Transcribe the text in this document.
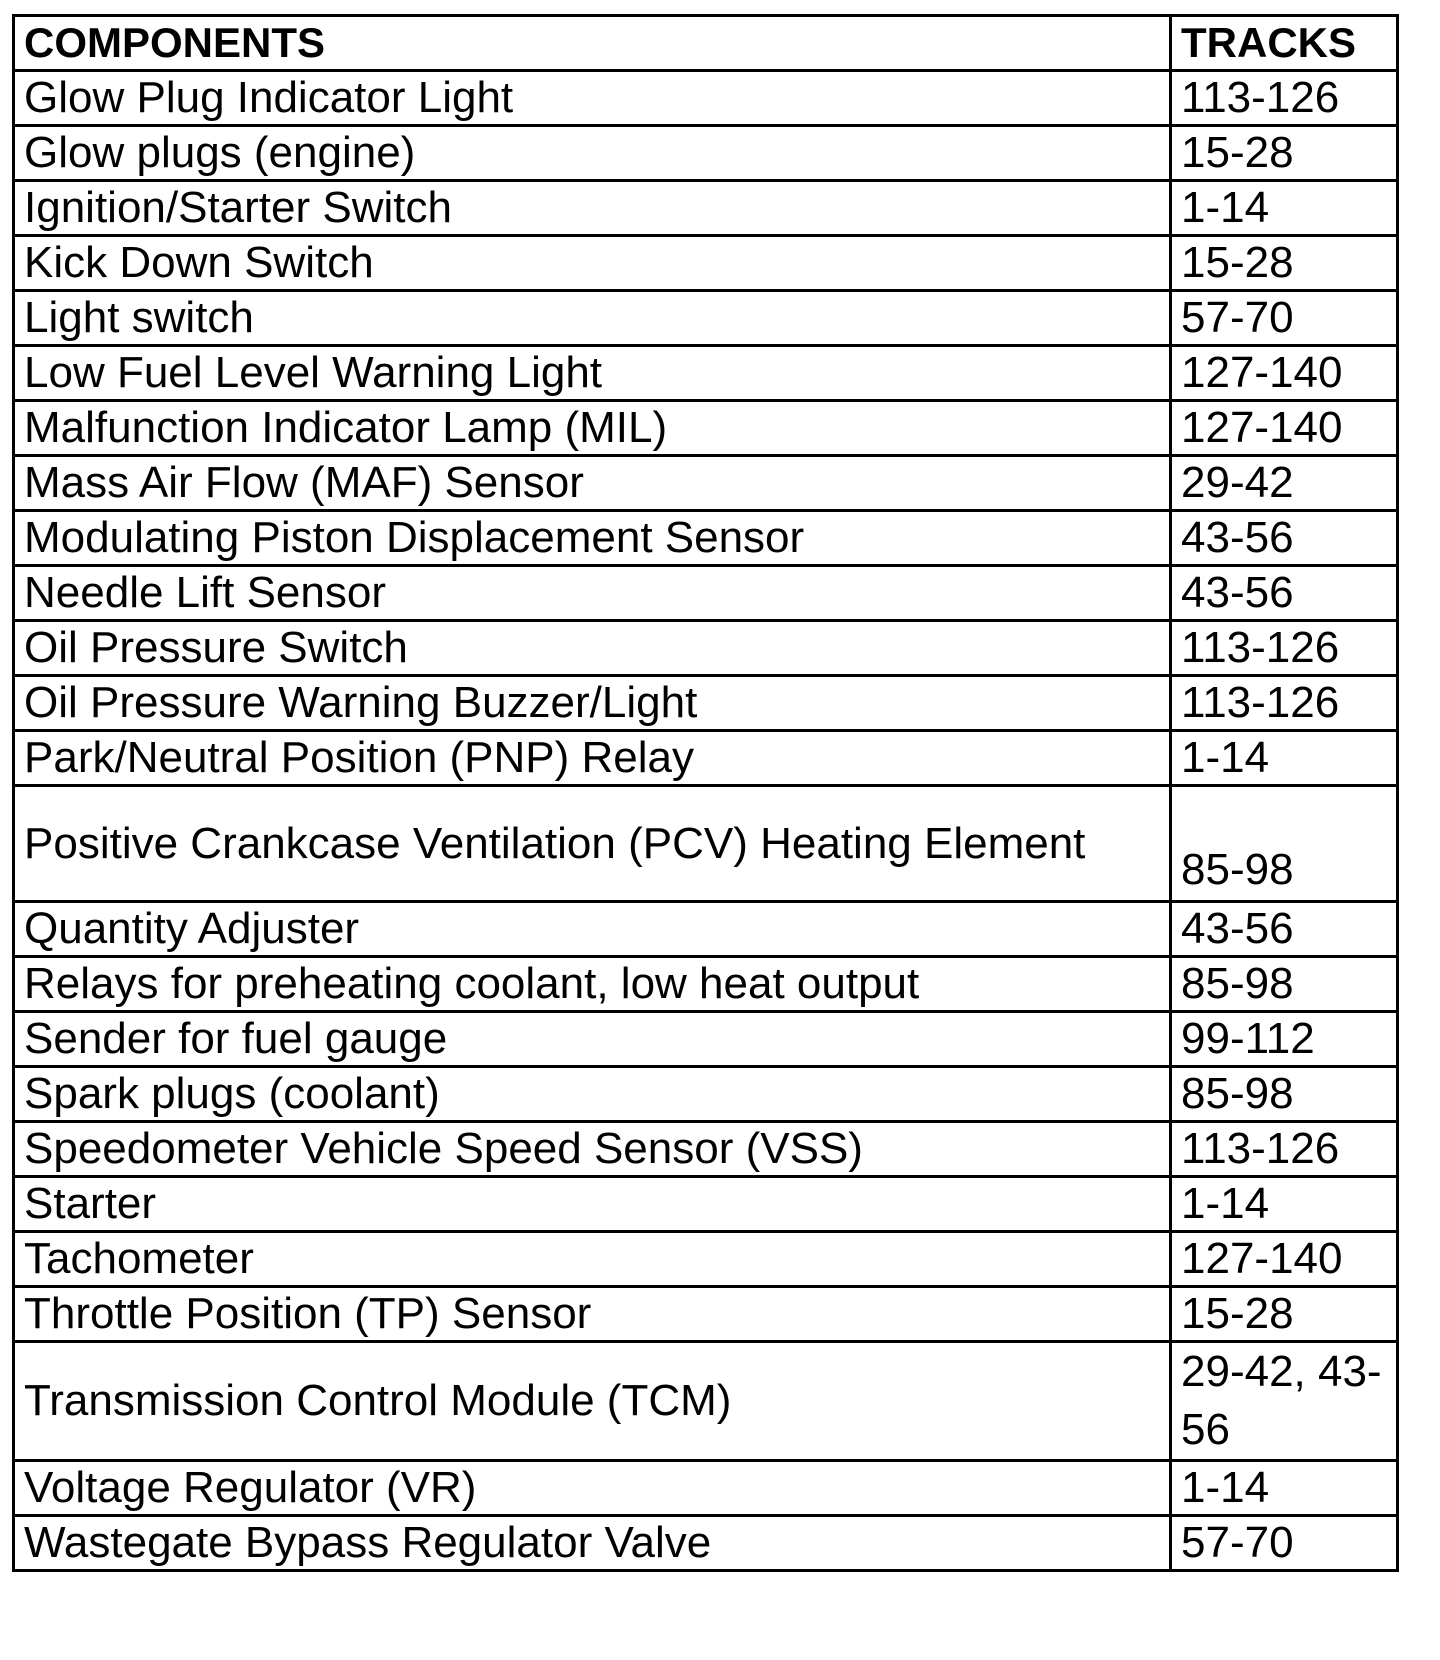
COMPONENTS	TRACKS
Glow Plug Indicator Light	113-126
Glow plugs (engine)	15-28
Ignition/Starter Switch	1-14
Kick Down Switch	15-28
Light switch	57-70
Low Fuel Level Warning Light	127-140
Malfunction Indicator Lamp (MIL)	127-140
Mass Air Flow (MAF) Sensor	29-42
Modulating Piston Displacement Sensor	43-56
Needle Lift Sensor	43-56
Oil Pressure Switch	113-126
Oil Pressure Warning Buzzer/Light	113-126
Park/Neutral Position (PNP) Relay	1-14
Positive Crankcase Ventilation (PCV) Heating Element	85-98
Quantity Adjuster	43-56
Relays for preheating coolant, low heat output	85-98
Sender for fuel gauge	99-112
Spark plugs (coolant)	85-98
Speedometer Vehicle Speed Sensor (VSS)	113-126
Starter	1-14
Tachometer	127-140
Throttle Position (TP) Sensor	15-28
Transmission Control Module (TCM)	29-42, 43-56
Voltage Regulator (VR)	1-14
Wastegate Bypass Regulator Valve	57-70
